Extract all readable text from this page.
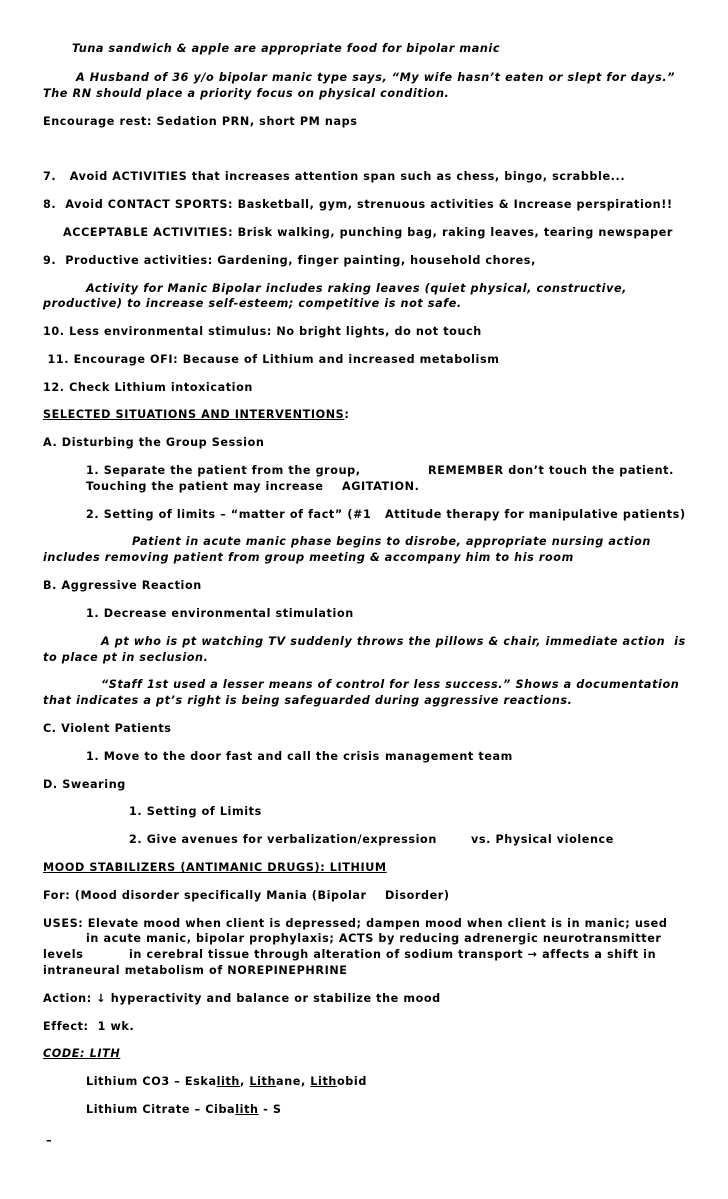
Tuna sandwich & apple are appropriate food for bipolar manic
A Husband of 36 y/o bipolar manic type says, “My wife hasn’t eaten or slept for days.”
The RN should place a priority focus on physical condition.
Encourage rest: Sedation PRN, short PM naps
7.   Avoid ACTIVITIES that increases attention span such as chess, bingo, scrabble...
8.  Avoid CONTACT SPORTS: Basketball, gym, strenuous activities & Increase perspiration!!
ACCEPTABLE ACTIVITIES: Brisk walking, punching bag, raking leaves, tearing newspaper
9.  Productive activities: Gardening, finger painting, household chores,
Activity for Manic Bipolar includes raking leaves (quiet physical, constructive,
productive) to increase self-esteem; competitive is not safe.
10. Less environmental stimulus: No bright lights, do not touch
11. Encourage OFI: Because of Lithium and increased metabolism
12. Check Lithium intoxication
SELECTED SITUATIONS AND INTERVENTIONS:
A. Disturbing the Group Session
1. Separate the patient from the group,	REMEMBER don’t touch the patient.
Touching the patient may increase AGITATION.
2. Setting of limits – “matter of fact” (#1 Attitude therapy for manipulative patients)
Patient in acute manic phase begins to disrobe, appropriate nursing action
includes removing patient from group meeting & accompany him to his room
B. Aggressive Reaction
1. Decrease environmental stimulation
A pt who is pt watching TV suddenly throws the pillows & chair, immediate action  is
to place pt in seclusion.
“Staff 1st used a lesser means of control for less success.” Shows a documentation
that indicates a pt’s right is being safeguarded during aggressive reactions.
C. Violent Patients
1. Move to the door fast and call the crisis management team
D. Swearing
1. Setting of Limits
2. Give avenues for verbalization/expression	vs. Physical violence
MOOD STABILIZERS (ANTIMANIC DRUGS): LITHIUM
For: (Mood disorder specifically Mania (Bipolar Disorder)
USES: Elevate mood when client is depressed; dampen mood when client is in manic; used
in acute manic, bipolar prophylaxis; ACTS by reducing adrenergic neurotransmitter
levels	in cerebral tissue through alteration of sodium transport → affects a shift in
intraneural metabolism of NOREPINEPHRINE
Action: ↓ hyperactivity and balance or stabilize the mood
Effect:  1 wk.
CODE: LITH
Lithium CO3 – Eskalith, Lithane, Lithobid
Lithium Citrate – Cibalith - S
–
